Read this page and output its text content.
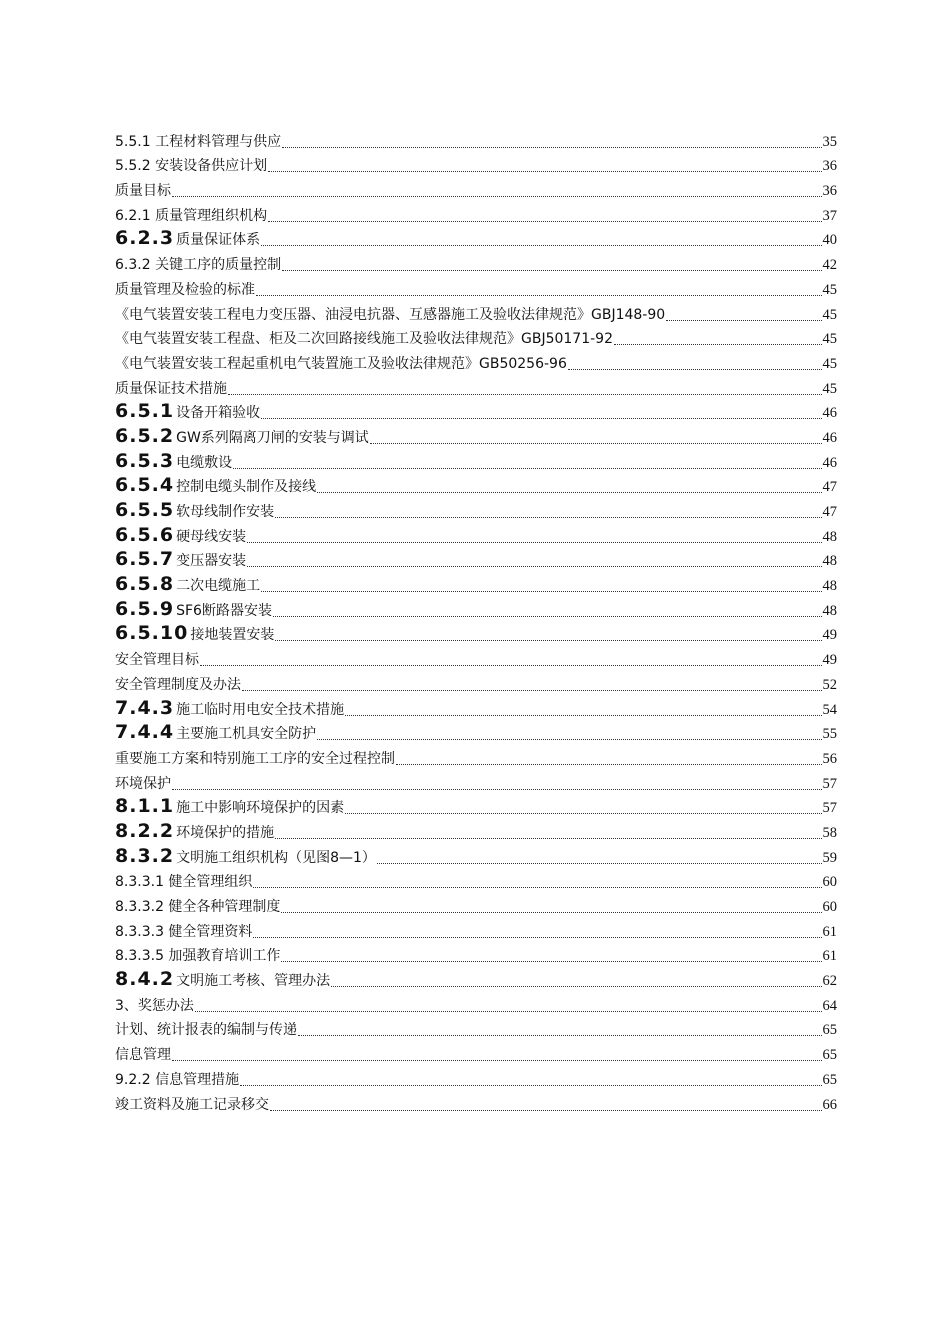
5.5.1 工程材料管理与供应	35
5.5.2 安装设备供应计划	36
质量目标	36
6.2.1 质量管理组织机构	37
6.2.3 质量保证体系	40
6.3.2 关键工序的质量控制	42
质量管理及检验的标准	45
《电气装置安装工程电力变压器、油浸电抗器、互感器施工及验收法律规范》GBJ148-90	45
《电气装置安装工程盘、柜及二次回路接线施工及验收法律规范》GBJ50171-92	45
《电气装置安装工程起重机电气装置施工及验收法律规范》GB50256-96	45
质量保证技术措施	45
6.5.1 设备开箱验收	46
6.5.2 GW系列隔离刀闸的安装与调试	46
6.5.3 电缆敷设	46
6.5.4 控制电缆头制作及接线	47
6.5.5 软母线制作安装	47
6.5.6 硬母线安装	48
6.5.7 变压器安装	48
6.5.8 二次电缆施工	48
6.5.9 SF6断路器安装	48
6.5.10 接地装置安装	49
安全管理目标	49
安全管理制度及办法	52
7.4.3 施工临时用电安全技术措施	54
7.4.4 主要施工机具安全防护	55
重要施工方案和特别施工工序的安全过程控制	56
环境保护	57
8.1.1 施工中影响环境保护的因素	57
8.2.2 环境保护的措施	58
8.3.2 文明施工组织机构（见图8—1）	59
8.3.3.1 健全管理组织	60
8.3.3.2 健全各种管理制度	60
8.3.3.3 健全管理资料	61
8.3.3.5 加强教育培训工作	61
8.4.2 文明施工考核、管理办法	62
3、奖惩办法	64
计划、统计报表的编制与传递	65
信息管理	65
9.2.2 信息管理措施	65
竣工资料及施工记录移交	66
